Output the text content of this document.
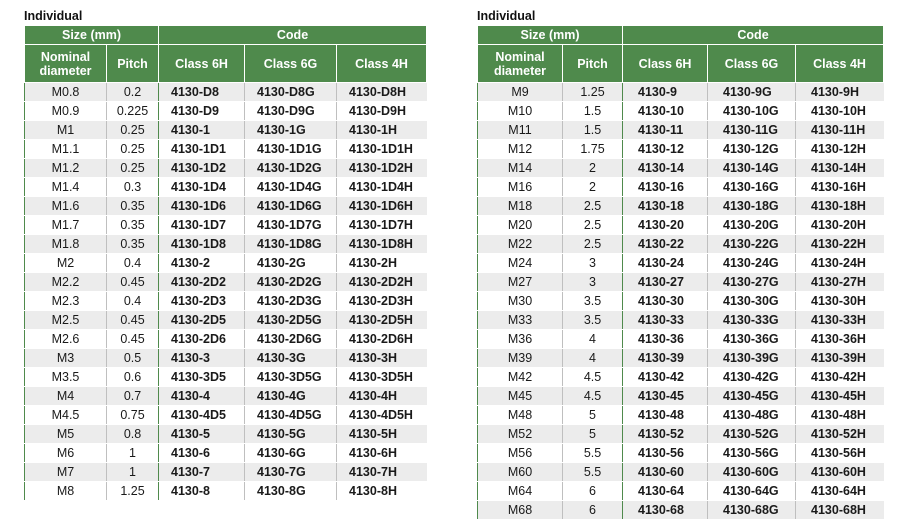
Individual
Size (mm)		Code		
Nominal
diameter	Pitch	Class 6H	Class 6G	Class 4H
M0.8	0.2	4130-D8	4130-D8G	4130-D8H
M0.9	0.225	4130-D9	4130-D9G	4130-D9H
M1	0.25	4130-1	4130-1G	4130-1H
M1.1	0.25	4130-1D1	4130-1D1G	4130-1D1H
M1.2	0.25	4130-1D2	4130-1D2G	4130-1D2H
M1.4	0.3	4130-1D4	4130-1D4G	4130-1D4H
M1.6	0.35	4130-1D6	4130-1D6G	4130-1D6H
M1.7	0.35	4130-1D7	4130-1D7G	4130-1D7H
M1.8	0.35	4130-1D8	4130-1D8G	4130-1D8H
M2	0.4	4130-2	4130-2G	4130-2H
M2.2	0.45	4130-2D2	4130-2D2G	4130-2D2H
M2.3	0.4	4130-2D3	4130-2D3G	4130-2D3H
M2.5	0.45	4130-2D5	4130-2D5G	4130-2D5H
M2.6	0.45	4130-2D6	4130-2D6G	4130-2D6H
M3	0.5	4130-3	4130-3G	4130-3H
M3.5	0.6	4130-3D5	4130-3D5G	4130-3D5H
M4	0.7	4130-4	4130-4G	4130-4H
M4.5	0.75	4130-4D5	4130-4D5G	4130-4D5H
M5	0.8	4130-5	4130-5G	4130-5H
M6	1	4130-6	4130-6G	4130-6H
M7	1	4130-7	4130-7G	4130-7H
M8	1.25	4130-8	4130-8G	4130-8H
Individual
Size (mm)		Code		
Nominal
diameter	Pitch	Class 6H	Class 6G	Class 4H
M9	1.25	4130-9	4130-9G	4130-9H
M10	1.5	4130-10	4130-10G	4130-10H
M11	1.5	4130-11	4130-11G	4130-11H
M12	1.75	4130-12	4130-12G	4130-12H
M14	2	4130-14	4130-14G	4130-14H
M16	2	4130-16	4130-16G	4130-16H
M18	2.5	4130-18	4130-18G	4130-18H
M20	2.5	4130-20	4130-20G	4130-20H
M22	2.5	4130-22	4130-22G	4130-22H
M24	3	4130-24	4130-24G	4130-24H
M27	3	4130-27	4130-27G	4130-27H
M30	3.5	4130-30	4130-30G	4130-30H
M33	3.5	4130-33	4130-33G	4130-33H
M36	4	4130-36	4130-36G	4130-36H
M39	4	4130-39	4130-39G	4130-39H
M42	4.5	4130-42	4130-42G	4130-42H
M45	4.5	4130-45	4130-45G	4130-45H
M48	5	4130-48	4130-48G	4130-48H
M52	5	4130-52	4130-52G	4130-52H
M56	5.5	4130-56	4130-56G	4130-56H
M60	5.5	4130-60	4130-60G	4130-60H
M64	6	4130-64	4130-64G	4130-64H
M68	6	4130-68	4130-68G	4130-68H
